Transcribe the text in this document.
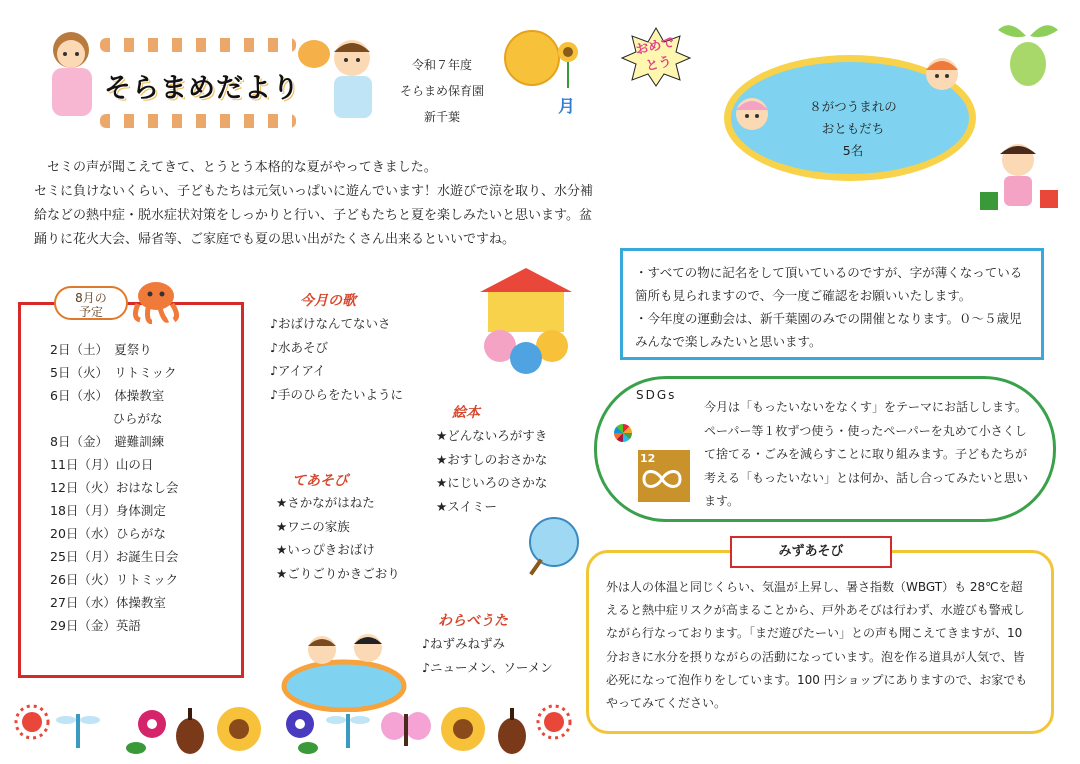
そらまめだより
令和７年度
そらまめ保育園
新千葉	月

セミの声が聞こえてきて、とうとう本格的な夏がやってきました。

セミに負けないくらい、子どもたちは元気いっぱいに遊んでいます！水遊びで涼を取り、水分補給などの熱中症・脱水症状対策をしっかりと行い、子どもたちと夏を楽しみたいと思います。盆踊りに花火大会、帰省等、ご家庭でも夏の思い出がたくさん出来るといいですね。

8月の
予定
2日（土）　夏祭り
5日（火）　リトミック
6日（水）　体操教室
　　　　　ひらがな
8日（金）　避難訓練
11日（月）山の日
12日（火）おはなし会
18日（月）身体測定
20日（水）ひらがな
25日（月）お誕生日会
26日（火）リトミック
27日（水）体操教室
29日（金）英語
今月の歌
♪おばけなんてないさ
♪水あそび
♪アイアイ
♪手のひらをたいように
絵本
★どんないろがすき
★おすしのおさかな
★にじいろのさかな
★スイミー
てあそび
★さかながはねた
★ワニの家族
★いっぴきおばけ
★ごりごりかきごおり
わらべうた
♪ねずみねずみ
♪ニューメン、ソーメン
おめで
とう
８がつうまれの
おともだち
5名
・すべての物に記名をして頂いているのですが、字が薄くなっている箇所も見られますので、今一度ご確認をお願いいたします。
・今年度の運動会は、新千葉園のみでの開催となります。０～５歳児みんなで楽しみたいと思います。
SDGs
12

今月は「もったいないをなくす」をテーマにお話しします。ペーパー等１枚ずつ使う・使ったペーパーを丸めて小さくして捨てる・ごみを減らすことに取り組みます。子どもたちが考える「もったいない」とは何か、話し合ってみたいと思います。

みずあそび

外は人の体温と同じくらい、気温が上昇し、暑さ指数（WBGT）も 28℃を超えると熱中症リスクが高まることから、戸外あそびは行わず、水遊びも警戒しながら行なっております。「まだ遊びたーい」との声も聞こえてきますが、10 分おきに水分を摂りながらの活動になっています。泡を作る道具が人気で、皆必死になって泡作りをしています。100 円ショップにありますので、お家でもやってみてください。
